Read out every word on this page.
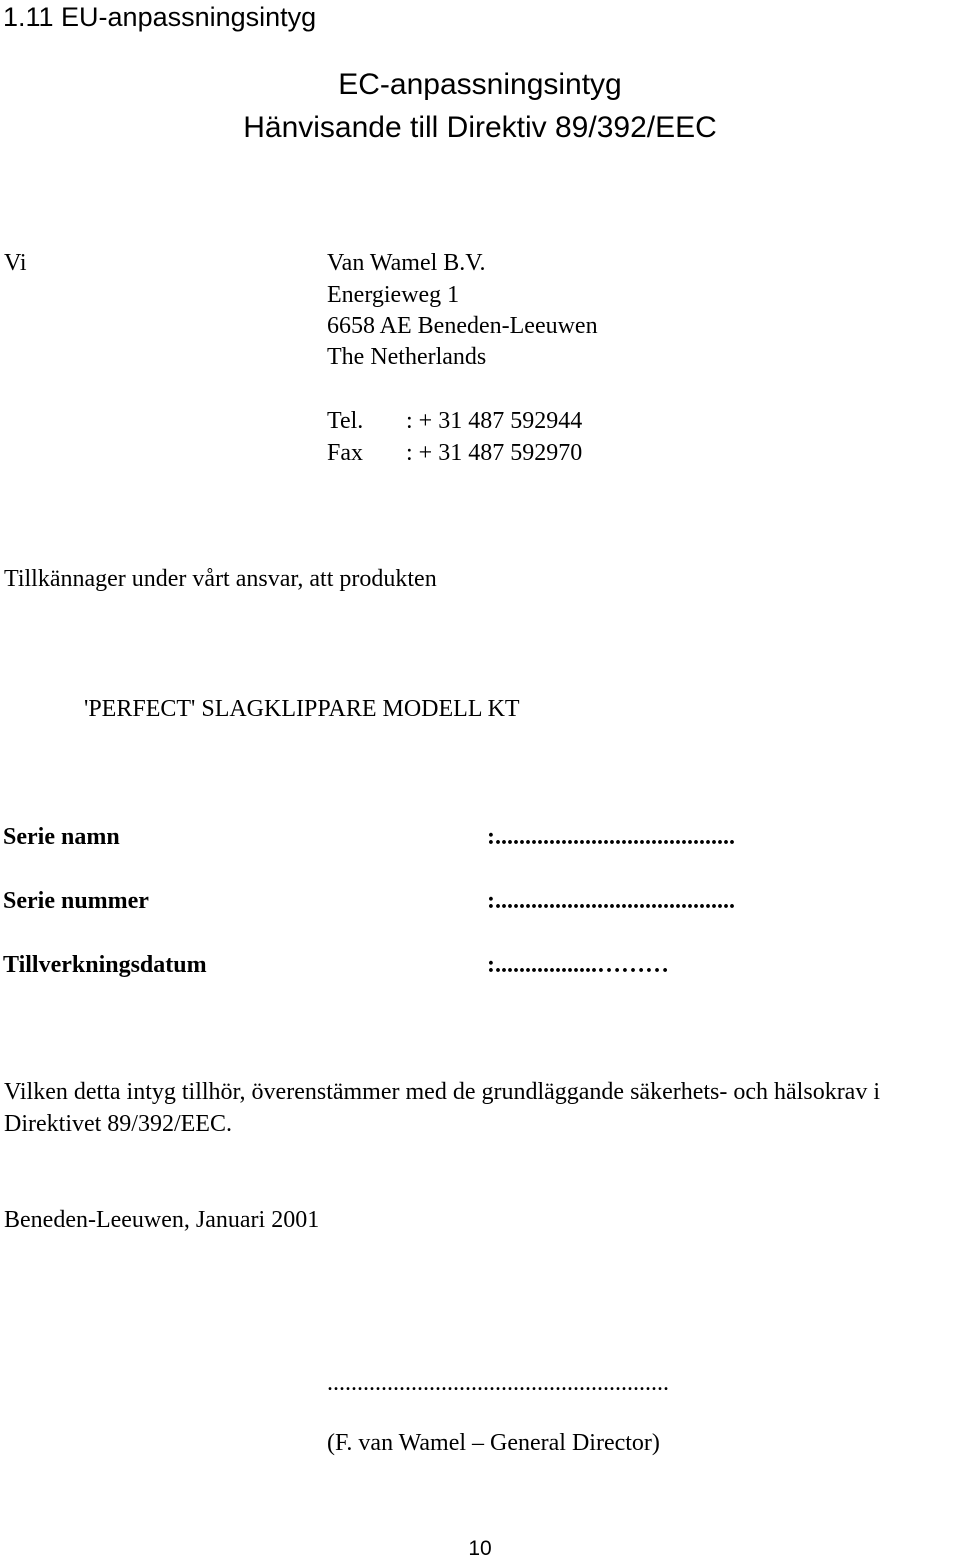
1.11 EU-anpassningsintyg
EC-anpassningsintyg
Hänvisande till Direktiv 89/392/EEC
Vi	Van Wamel B.V.
Energieweg 1
6658 AE Beneden-Leeuwen
The Netherlands
Tel. : + 31 487 592944
Fax : + 31 487 592970
Tillkännager under vårt ansvar, att produkten
'PERFECT' SLAGKLIPPARE MODELL KT
Serie namn	:........................................
Serie nummer	:........................................
Tillverkningsdatum	:.................………
Vilken detta intyg tillhör, överenstämmer med de grundläggande säkerhets- och hälsokrav i
Direktivet 89/392/EEC.
Beneden-Leeuwen, Januari 2001
.........................................................
(F. van Wamel – General Director)
10
